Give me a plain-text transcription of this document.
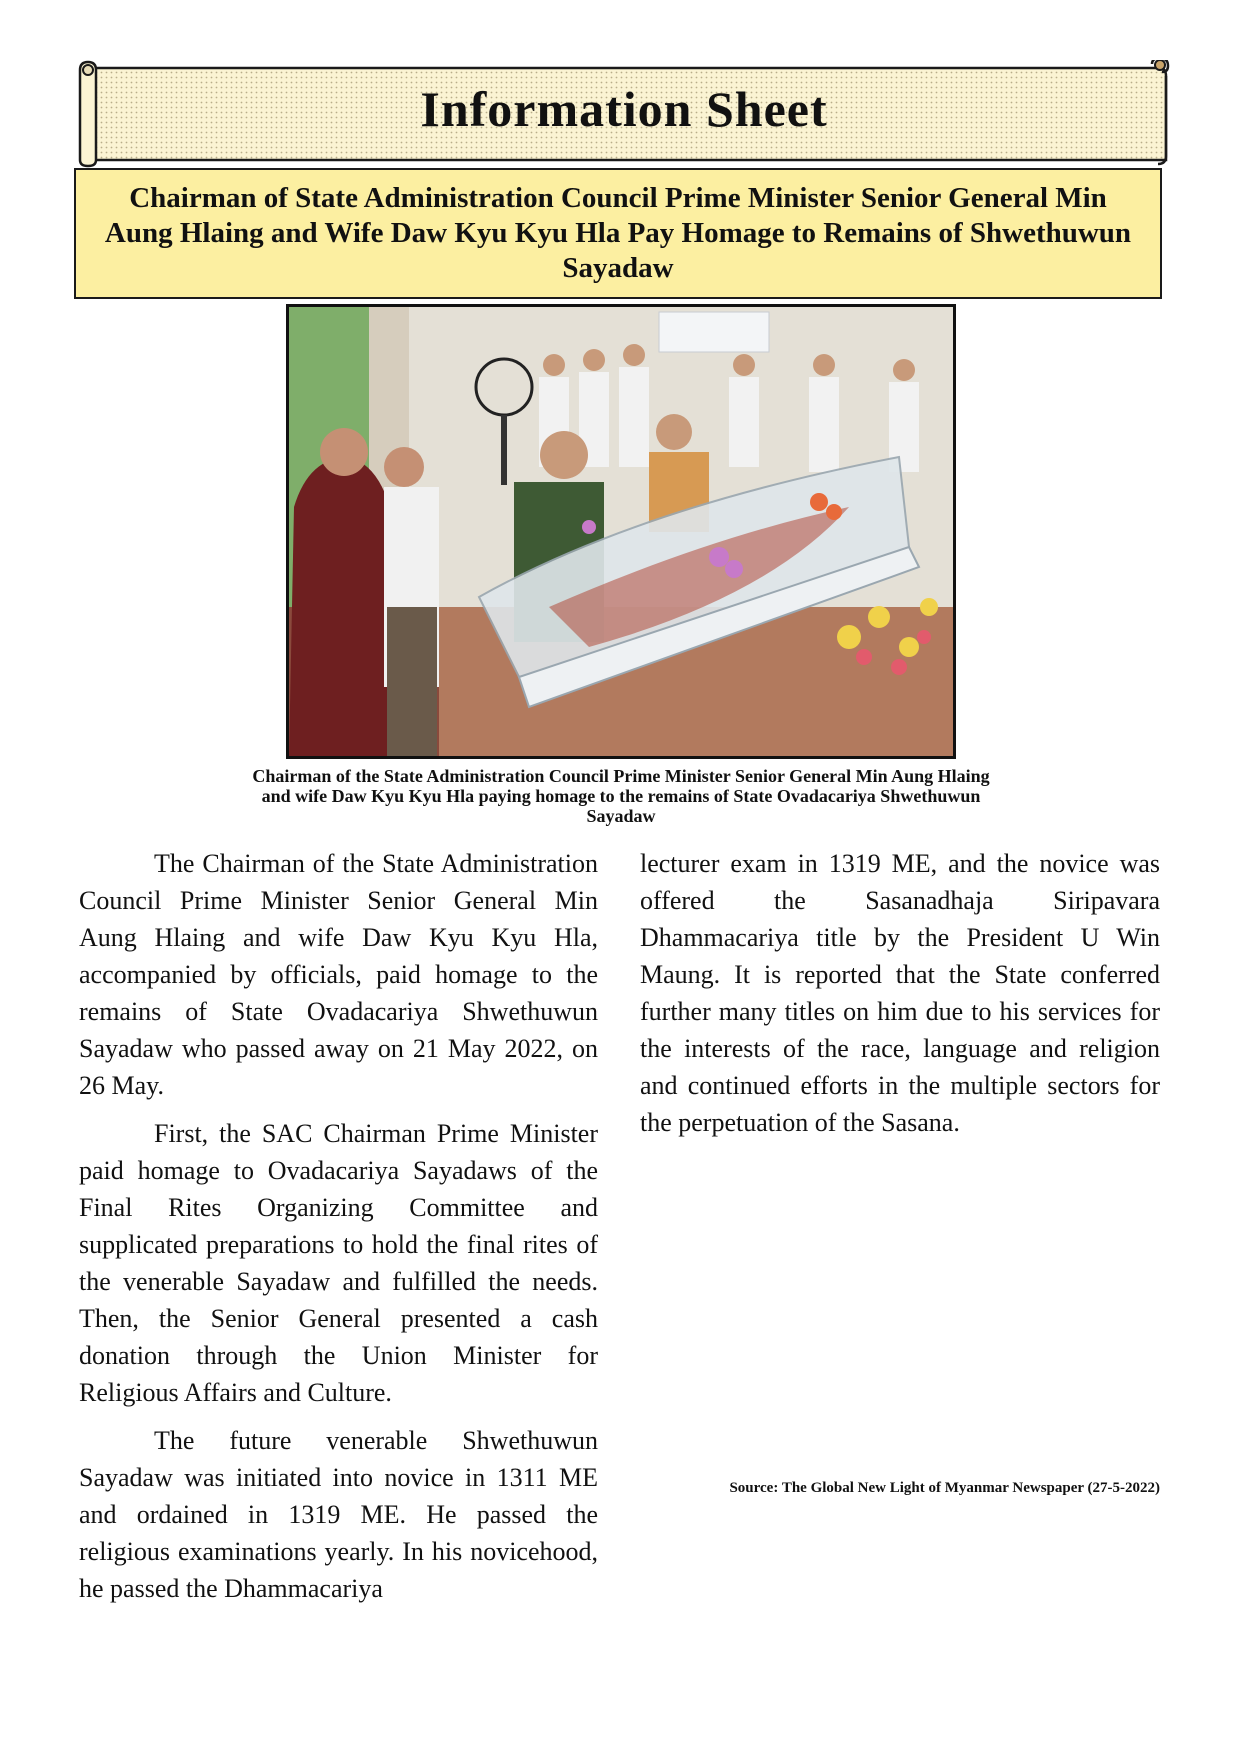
Information Sheet
Chairman of State Administration Council Prime Minister Senior General Min Aung Hlaing and Wife Daw Kyu Kyu Hla Pay Homage to Remains of Shwethuwun Sayadaw

Chairman of the State Administration Council Prime Minister Senior General Min Aung Hlaing and wife Daw Kyu Kyu Hla paying homage to the remains of State Ovadacariya Shwethuwun Sayadaw

The Chairman of the State Administration Council Prime Minister Senior General Min Aung Hlaing and wife Daw Kyu Kyu Hla, accompanied by officials, paid homage to the remains of State Ovadacariya Shwethuwun Sayadaw who passed away on 21 May 2022, on 26 May.

First, the SAC Chairman Prime Minister paid homage to Ovadacariya Sayadaws of the Final Rites Organizing Committee and supplicated preparations to hold the final rites of the venerable Sayadaw and fulfilled the needs. Then, the Senior General presented a cash donation through the Union Minister for Religious Affairs and Culture.

The future venerable Shwethuwun Sayadaw was initiated into novice in 1311 ME and ordained in 1319 ME. He passed the religious examinations yearly. In his novicehood, he passed the Dhammacariya

lecturer exam in 1319 ME, and the novice was offered the Sasanadhaja Siripavara Dhammacariya title by the President U Win Maung. It is reported that the State conferred further many titles on him due to his services for the interests of the race, language and religion and continued efforts in the multiple sectors for the perpetuation of the Sasana.

Source: The Global New Light of Myanmar Newspaper (27-5-2022)
